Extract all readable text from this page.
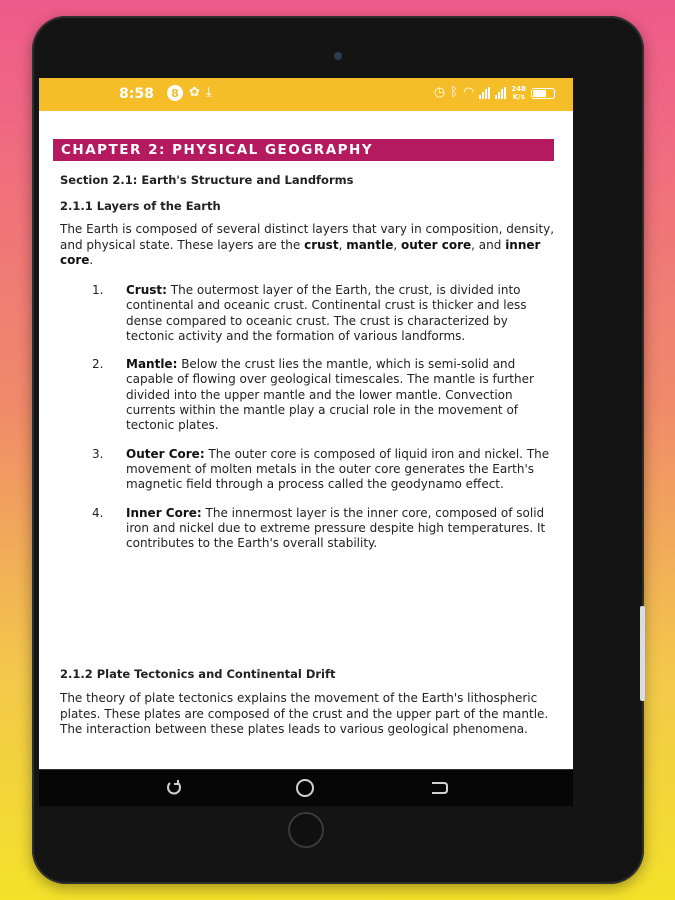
8:58	8 ✿ ⤓	◷ ᛒ ◠	248
K/s
CHAPTER 2: PHYSICAL GEOGRAPHY
Section 2.1: Earth's Structure and Landforms
2.1.1 Layers of the Earth

The Earth is composed of several distinct layers that vary in composition, density, and physical state. These layers are the crust, mantle, outer core, and inner core.

1. Crust: The outermost layer of the Earth, the crust, is divided into continental and oceanic crust. Continental crust is thicker and less dense compared to oceanic crust. The crust is characterized by tectonic activity and the formation of various landforms.
2. Mantle: Below the crust lies the mantle, which is semi-solid and capable of flowing over geological timescales. The mantle is further divided into the upper mantle and the lower mantle. Convection currents within the mantle play a crucial role in the movement of tectonic plates.
3. Outer Core: The outer core is composed of liquid iron and nickel. The movement of molten metals in the outer core generates the Earth's magnetic field through a process called the geodynamo effect.
4. Inner Core: The innermost layer is the inner core, composed of solid iron and nickel due to extreme pressure despite high temperatures. It contributes to the Earth's overall stability.
2.1.2 Plate Tectonics and Continental Drift

The theory of plate tectonics explains the movement of the Earth's lithospheric plates. These plates are composed of the crust and the upper part of the mantle. The interaction between these plates leads to various geological phenomena.
